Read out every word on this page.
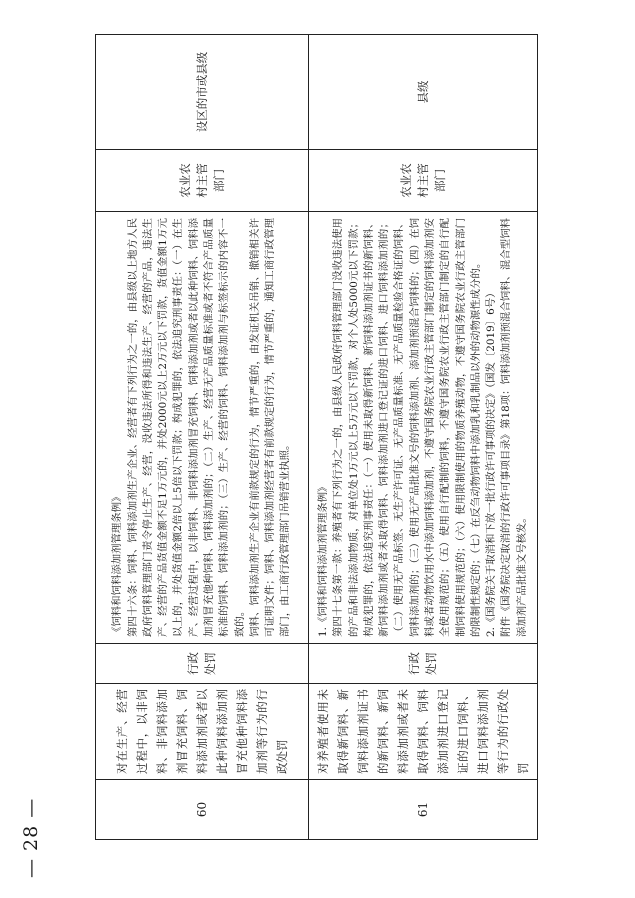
— 28 —	60	对在生产、经营过程中，以非饲料、非饲料添加剂冒充饲料、饲料添加剂或者以此种饲料添加剂冒充他种饲料添加剂等行为的行政处罚	行政处罚	《饲料和饲料添加剂管理条例》 第四十六条：饲料、饲料添加剂生产企业、经营者有下列行为之一的，由县级以上地方人民政府饲料管理部门责令停止生产、经营，没收违法所得和违法生产、经营的产品，违法生产、经营的产品货值金额不足1万元的，并处2000元以上2万元以下罚款，货值金额1万元以上的，并处货值金额2倍以上5倍以下罚款；构成犯罪的，依法追究刑事责任：（一）在生产、经营过程中，以非饲料、非饲料添加剂冒充饲料、饲料添加剂或者以此种饲料、饲料添加剂冒充他种饲料、饲料添加剂的；（二）生产、经营无产品质量标准或者不符合产品质量标准的饲料、饲料添加剂的；（三）生产、经营的饲料、饲料添加剂与标签标示的内容不一致的。 饲料、饲料添加剂生产企业有前款规定的行为，情节严重的，由发证机关吊销、撤销相关许可证明文件；饲料、饲料添加剂经营者有前款规定的行为，情节严重的，通知工商行政管理部门，由工商行政管理部门吊销营业执照。	农业农村主管部门	设区的市或县级
61	对养殖者使用未取得新饲料、新饲料添加剂证书的新饲料、新饲料添加剂或者未取得饲料、饲料添加剂进口登记证的进口饲料、进口饲料添加剂等行为的行政处罚	行政处罚	1.《饲料和饲料添加剂管理条例》 第四十七条第一款：养殖者有下列行为之一的，由县级人民政府饲料管理部门没收违法使用的产品和非法添加物质，对单位处1万元以上5万元以下罚款，对个人处5000元以下罚款；构成犯罪的，依法追究刑事责任：（一）使用未取得新饲料、新饲料添加剂证书的新饲料、新饲料添加剂或者未取得饲料、饲料添加剂进口登记证的进口饲料、进口饲料添加剂的；（二）使用无产品标签、无生产许可证、无产品质量标准、无产品质量检验合格证的饲料、饲料添加剂的；（三）使用无产品批准文号的饲料添加剂、添加剂预混合饲料的；（四）在饲料或者动物饮用水中添加饲料添加剂，不遵守国务院农业行政主管部门制定的饲料添加剂安全使用规范的；（五）使用自行配制的饲料，不遵守国务院农业行政主管部门制定的自行配制饲料使用规范的；（六）使用限制使用的物质养殖动物，不遵守国务院农业行政主管部门的限制性规定的；（七）在反刍动物饲料中添加乳和乳制品以外的动物源性成分的。 2.《国务院关于取消和下放一批行政许可事项的决定》（国发〔2019〕6号） 附件《国务院决定取消的行政许可事项目录》第18项：饲料添加剂预混合饲料、混合型饲料添加剂产品批准文号核发。	农业农村主管部门	县级
